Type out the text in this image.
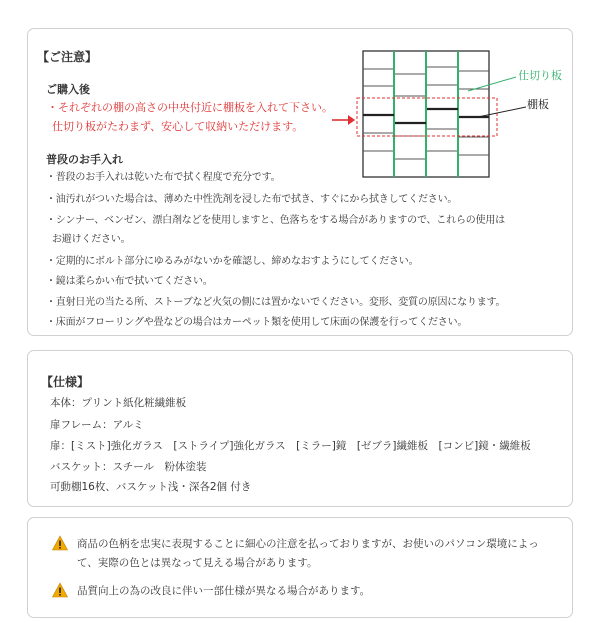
【ご注意】
ご購入後
・それぞれの棚の高さの中央付近に棚板を入れて下さい。
仕切り板がたわまず、安心して収納いただけます。
普段のお手入れ
・普段のお手入れは乾いた布で拭く程度で充分です。
・油汚れがついた場合は、薄めた中性洗剤を浸した布で拭き、すぐにから拭きしてください。
・シンナー、ベンゼン、漂白剤などを使用しますと、色落ちをする場合がありますので、これらの使用は
お避けください。
・定期的にボルト部分にゆるみがないかを確認し、締めなおすようにしてください。
・鏡は柔らかい布で拭いてください。
・直射日光の当たる所、ストーブなど火気の側には置かないでください。変形、変質の原因になります。
・床面がフローリングや畳などの場合はカーペット類を使用して床面の保護を行ってください。
仕切り板
棚板
【仕様】
本体：プリント紙化粧繊維板
扉フレーム：アルミ
扉：[ミスト]強化ガラス　[ストライプ]強化ガラス　[ミラー]鏡　[ゼブラ]繊維板　[コンビ]鏡・繊維板
バスケット：スチール　粉体塗装
可動棚16枚、バスケット浅・深各2個 付き
商品の色柄を忠実に表現することに細心の注意を払っておりますが、お使いのパソコン環境によっ
て、実際の色とは異なって見える場合があります。
品質向上の為の改良に伴い一部仕様が異なる場合があります。
